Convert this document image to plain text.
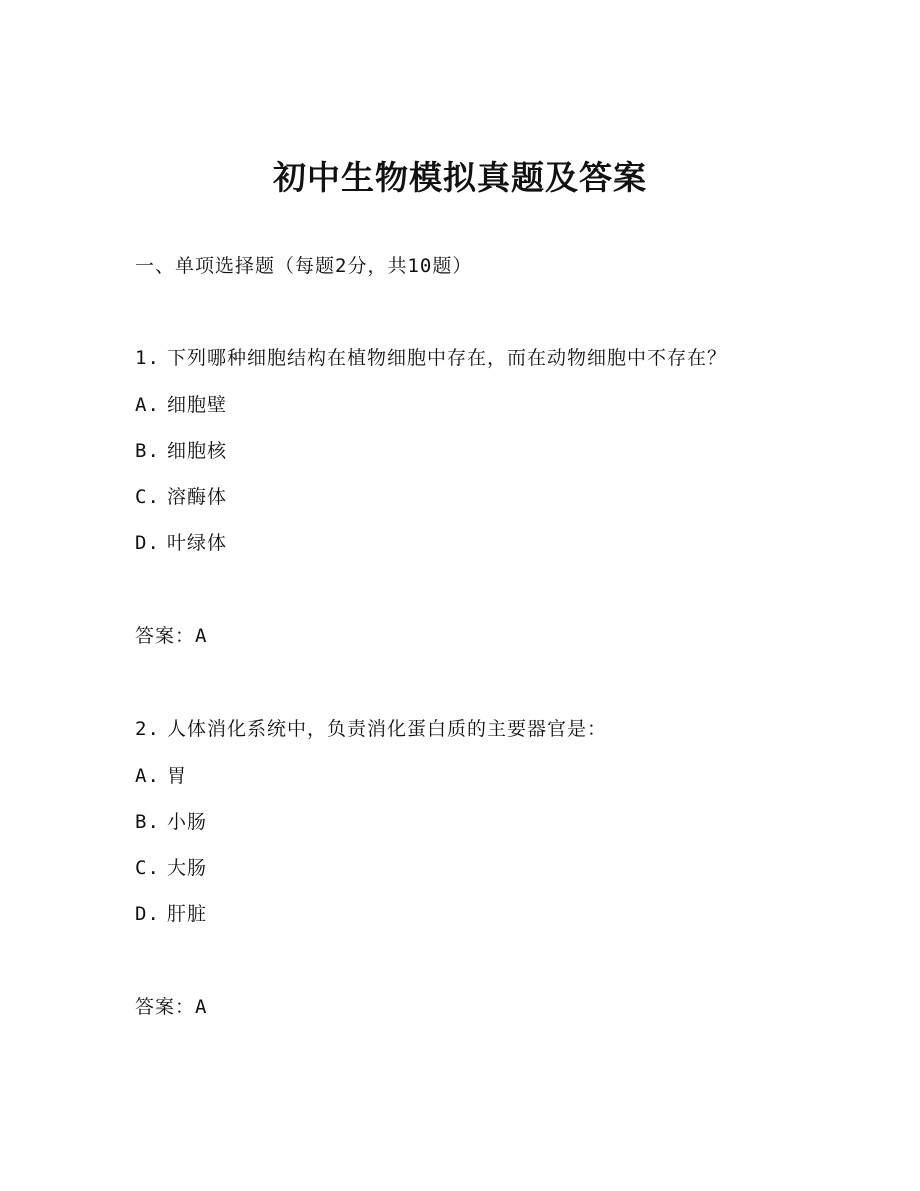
初中生物模拟真题及答案
一、单项选择题（每题2分，共10题）
1. 下列哪种细胞结构在植物细胞中存在，而在动物细胞中不存在？
A. 细胞壁
B. 细胞核
C. 溶酶体
D. 叶绿体
答案：A
2. 人体消化系统中，负责消化蛋白质的主要器官是：
A. 胃
B. 小肠
C. 大肠
D. 肝脏
答案：A
